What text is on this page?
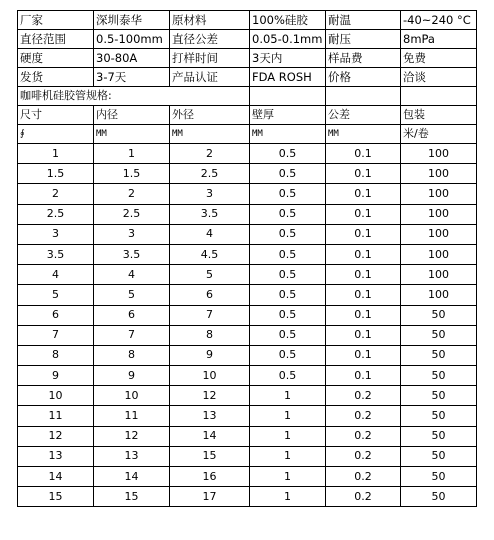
厂家	深圳泰华	原材料	100%硅胶	耐温	-40~240 °C
直径范围	0.5-100mm	直径公差	0.05-0.1mm	耐压	8mPa
硬度	30-80A	打样时间	3天内	样品费	免费
发货	3-7天	产品认证	FDA ROSH	价格	洽谈
咖啡机硅胶管规格:					
尺寸	内径	外径	壁厚	公差	包装
∮	MM	MM	MM	MM	米/卷
1	1	2	0.5	0.1	100
1.5	1.5	2.5	0.5	0.1	100
2	2	3	0.5	0.1	100
2.5	2.5	3.5	0.5	0.1	100
3	3	4	0.5	0.1	100
3.5	3.5	4.5	0.5	0.1	100
4	4	5	0.5	0.1	100
5	5	6	0.5	0.1	100
6	6	7	0.5	0.1	50
7	7	8	0.5	0.1	50
8	8	9	0.5	0.1	50
9	9	10	0.5	0.1	50
10	10	12	1	0.2	50
11	11	13	1	0.2	50
12	12	14	1	0.2	50
13	13	15	1	0.2	50
14	14	16	1	0.2	50
15	15	17	1	0.2	50
